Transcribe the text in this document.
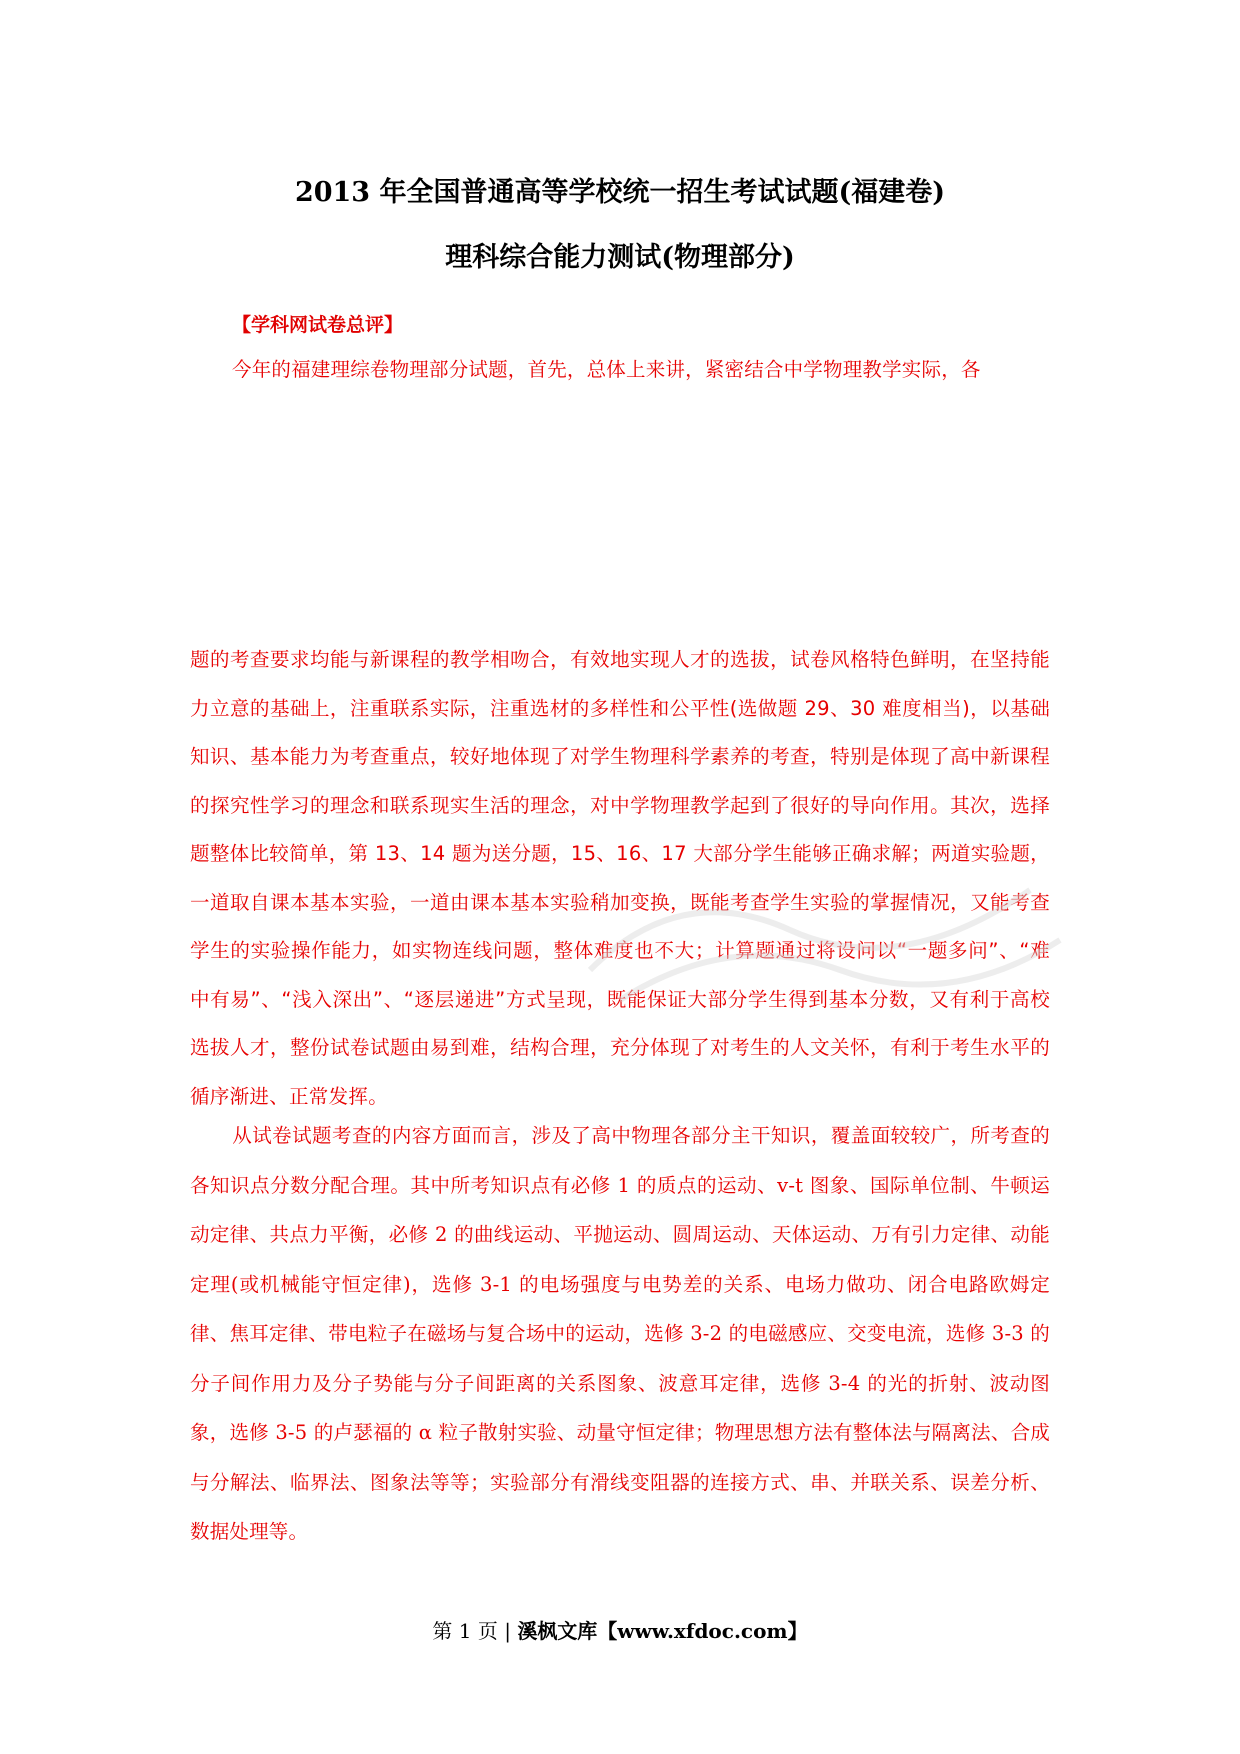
2013 年全国普通高等学校统一招生考试试题(福建卷)
理科综合能力测试(物理部分)

【学科网试卷总评】

今年的福建理综卷物理部分试题，首先，总体上来讲，紧密结合中学物理教学实际，各

题的考查要求均能与新课程的教学相吻合，有效地实现人才的选拔，试卷风格特色鲜明，在坚持能力立意的基础上，注重联系实际，注重选材的多样性和公平性(选做题 29、30 难度相当)，以基础知识、基本能力为考查重点，较好地体现了对学生物理科学素养的考查，特别是体现了高中新课程的探究性学习的理念和联系现实生活的理念，对中学物理教学起到了很好的导向作用。其次，选择题整体比较简单，第 13、14 题为送分题，15、16、17 大部分学生能够正确求解；两道实验题，一道取自课本基本实验，一道由课本基本实验稍加变换，既能考查学生实验的掌握情况，又能考查学生的实验操作能力，如实物连线问题，整体难度也不大；计算题通过将设问以“一题多问”、“难中有易”、“浅入深出”、“逐层递进”方式呈现，既能保证大部分学生得到基本分数，又有利于高校选拔人才，整份试卷试题由易到难，结构合理，充分体现了对考生的人文关怀，有利于考生水平的循序渐进、正常发挥。

从试卷试题考查的内容方面而言，涉及了高中物理各部分主干知识，覆盖面较较广，所考查的各知识点分数分配合理。其中所考知识点有必修 1 的质点的运动、v-t 图象、国际单位制、牛顿运动定律、共点力平衡，必修 2 的曲线运动、平抛运动、圆周运动、天体运动、万有引力定律、动能定理(或机械能守恒定律)，选修 3-1 的电场强度与电势差的关系、电场力做功、闭合电路欧姆定律、焦耳定律、带电粒子在磁场与复合场中的运动，选修 3-2 的电磁感应、交变电流，选修 3-3 的分子间作用力及分子势能与分子间距离的关系图象、波意耳定律，选修 3-4 的光的折射、波动图象，选修 3-5 的卢瑟福的 α 粒子散射实验、动量守恒定律；物理思想方法有整体法与隔离法、合成与分解法、临界法、图象法等等；实验部分有滑线变阻器的连接方式、串、并联关系、误差分析、数据处理等。

第 1 页 | 溪枫文库【www.xfdoc.com】
